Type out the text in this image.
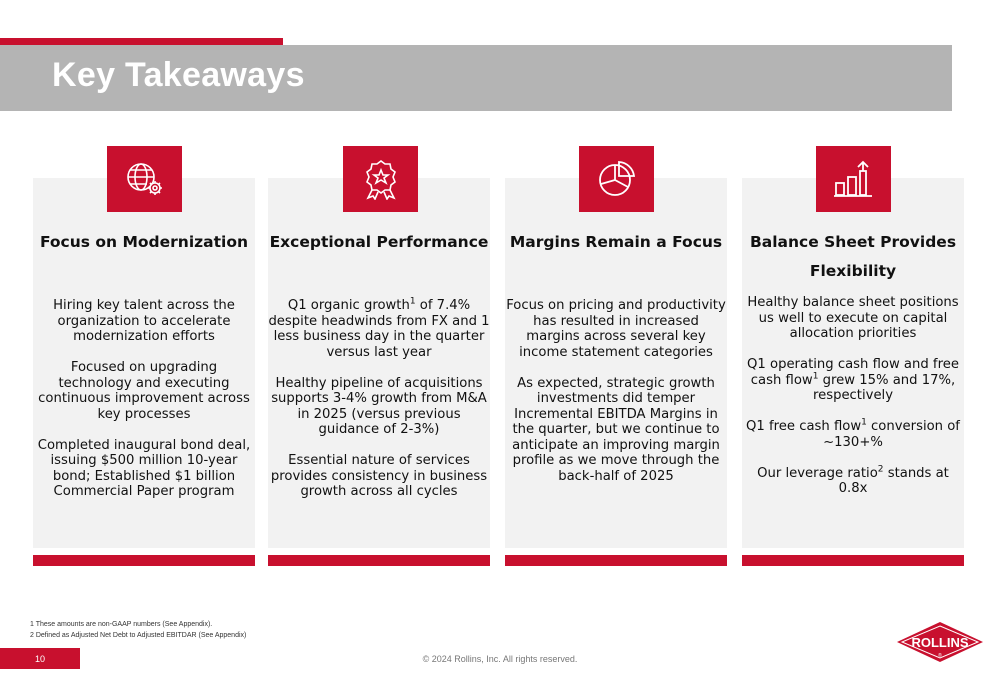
Key Takeaways
Focus on Modernization

Hiring key talent across the organization to accelerate modernization efforts

Focused on upgrading technology and executing continuous improvement across key processes

Completed inaugural bond deal, issuing $500 million 10-year bond; Established $1 billion Commercial Paper program

Exceptional Performance

Q1 organic growth$^1$ of 7.4% despite headwinds from FX and 1 less business day in the quarter versus last year

Healthy pipeline of acquisitions supports 3-4% growth from M&A in 2025 (versus previous guidance of 2-3%)

Essential nature of services provides consistency in business growth across all cycles

Margins Remain a Focus

Focus on pricing and productivity has resulted in increased margins across several key income statement categories

As expected, strategic growth investments did temper Incremental EBITDA Margins in the quarter, but we continue to anticipate an improving margin profile as we move through the back-half of 2025

Balance Sheet Provides Flexibility

Healthy balance sheet positions us well to execute on capital allocation priorities

Q1 operating cash flow and free cash flow$^1$ grew 15% and 17%, respectively

Q1 free cash flow$^1$ conversion of ~130+%

Our leverage ratio$^2$ stands at 0.8x

1 These amounts are non-GAAP numbers (See Appendix).
2 Defined as Adjusted Net Debt to Adjusted EBITDAR (See Appendix)
10	© 2024 Rollins, Inc. All rights reserved.
ROLLINS
®
